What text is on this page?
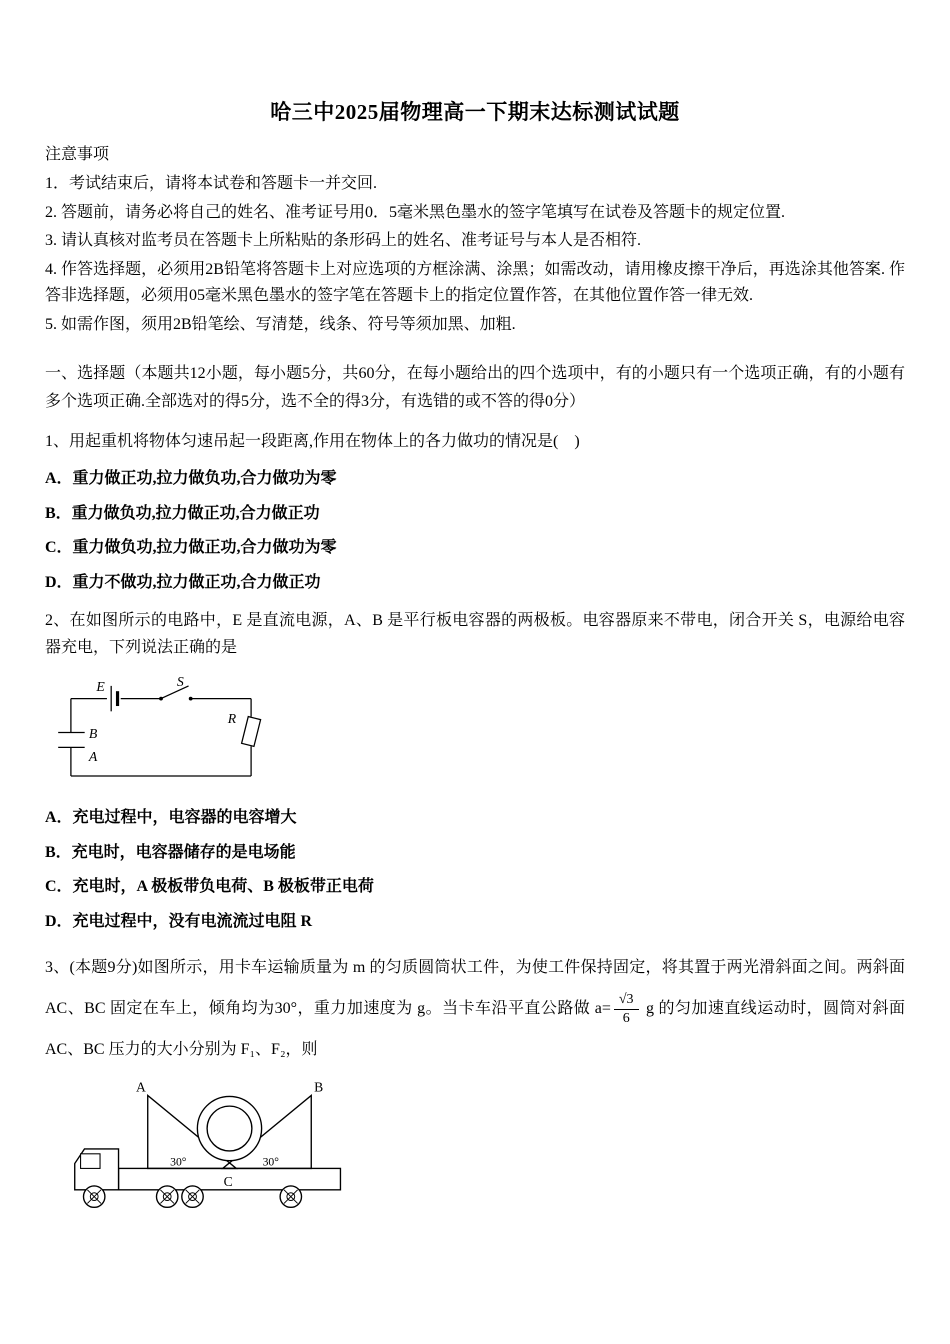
哈三中2025届物理高一下期末达标测试试题

注意事项

1．考试结束后，请将本试卷和答题卡一并交回.

2. 答题前，请务必将自己的姓名、准考证号用0．5毫米黑色墨水的签字笔填写在试卷及答题卡的规定位置.

3. 请认真核对监考员在答题卡上所粘贴的条形码上的姓名、准考证号与本人是否相符.

4. 作答选择题，必须用2B铅笔将答题卡上对应选项的方框涂满、涂黑；如需改动，请用橡皮擦干净后，再选涂其他答案. 作答非选择题，必须用05毫米黑色墨水的签字笔在答题卡上的指定位置作答，在其他位置作答一律无效.

5. 如需作图，须用2B铅笔绘、写清楚，线条、符号等须加黑、加粗.

一、选择题（本题共12小题，每小题5分，共60分，在每小题给出的四个选项中，有的小题只有一个选项正确，有的小题有多个选项正确.全部选对的得5分，选不全的得3分，有选错的或不答的得0分）

1、用起重机将物体匀速吊起一段距离,作用在物体上的各力做功的情况是(　)

A．重力做正功,拉力做负功,合力做功为零

B．重力做负功,拉力做正功,合力做正功

C．重力做负功,拉力做正功,合力做功为零

D．重力不做功,拉力做正功,合力做正功

2、在如图所示的电路中，E 是直流电源，A、B 是平行板电容器的两极板。电容器原来不带电，闭合开关 S，电源给电容器充电，下列说法正确的是

E	S
R
B
A

A．充电过程中，电容器的电容增大

B．充电时，电容器储存的是电场能

C．充电时，A 极板带负电荷、B 极板带正电荷

D．充电过程中，没有电流流过电阻 R

3、(本题9分)如图所示，用卡车运输质量为 m 的匀质圆筒状工件，为使工件保持固定，将其置于两光滑斜面之间。两斜面 AC、BC 固定在车上，倾角均为30°，重力加速度为 g。当卡车沿平直公路做 $a= \frac{√3}{6}$ g 的匀加速直线运动时，圆筒对斜面 AC、BC 压力的大小分别为 F₁、F₂，则

A	B
C
30°	30°
